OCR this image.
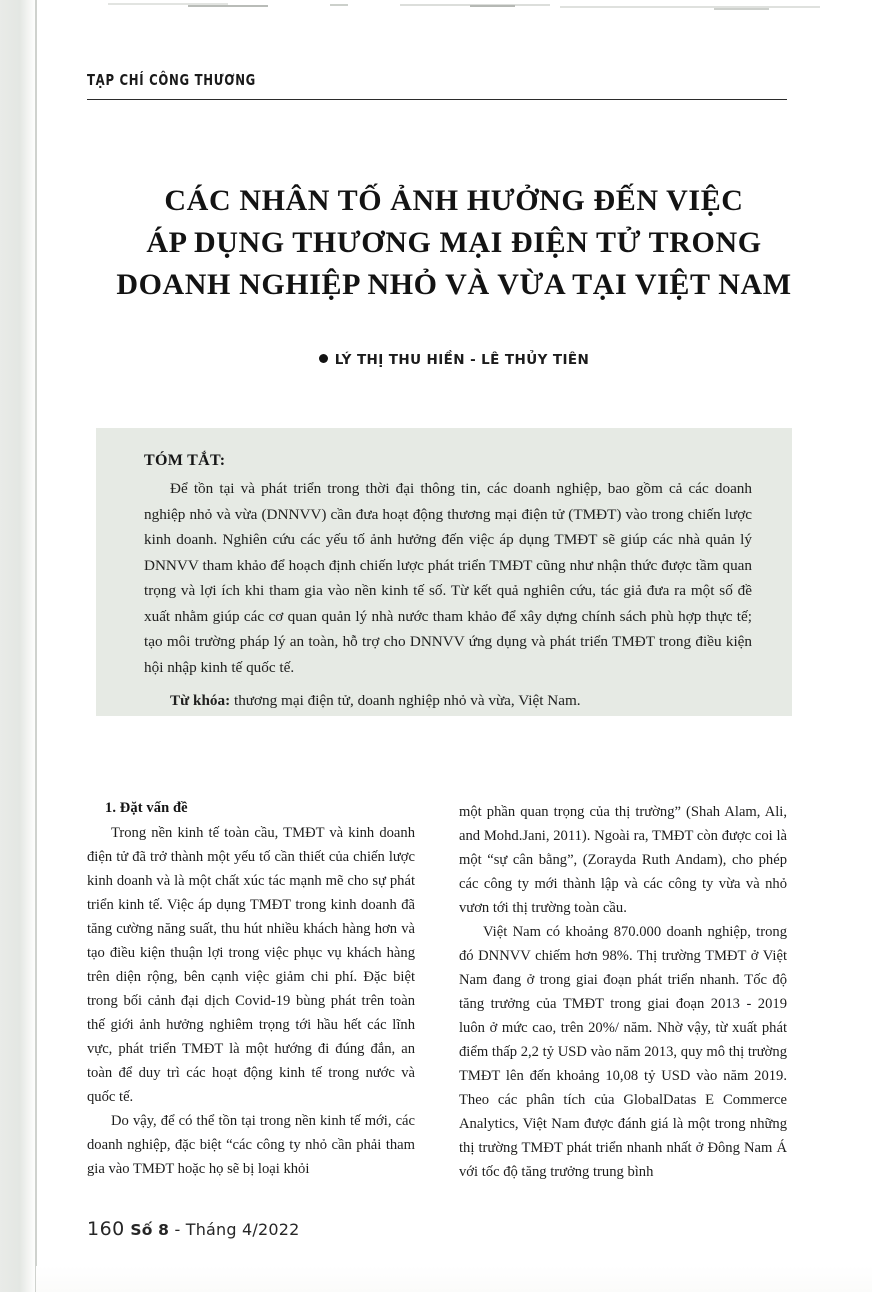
TẠP CHÍ CÔNG THƯƠNG
CÁC NHÂN TỐ ẢNH HƯỞNG ĐẾN VIỆC
ÁP DỤNG THƯƠNG MẠI ĐIỆN TỬ TRONG
DOANH NGHIỆP NHỎ VÀ VỪA TẠI VIỆT NAM
LÝ THỊ THU HIỀN - LÊ THỦY TIÊN
TÓM TẮT:

Để tồn tại và phát triển trong thời đại thông tin, các doanh nghiệp, bao gồm cả các doanh nghiệp nhỏ và vừa (DNNVV) cần đưa hoạt động thương mại điện tử (TMĐT) vào trong chiến lược kinh doanh. Nghiên cứu các yếu tố ảnh hưởng đến việc áp dụng TMĐT sẽ giúp các nhà quản lý DNNVV tham khảo để hoạch định chiến lược phát triển TMĐT cũng như nhận thức được tầm quan trọng và lợi ích khi tham gia vào nền kinh tế số. Từ kết quả nghiên cứu, tác giả đưa ra một số đề xuất nhằm giúp các cơ quan quản lý nhà nước tham khảo để xây dựng chính sách phù hợp thực tế; tạo môi trường pháp lý an toàn, hỗ trợ cho DNNVV ứng dụng và phát triển TMĐT trong điều kiện hội nhập kinh tế quốc tế.

Từ khóa: thương mại điện tử, doanh nghiệp nhỏ và vừa, Việt Nam.

1. Đặt vấn đề

Trong nền kinh tế toàn cầu, TMĐT và kinh doanh điện tử đã trở thành một yếu tố cần thiết của chiến lược kinh doanh và là một chất xúc tác mạnh mẽ cho sự phát triển kinh tế. Việc áp dụng TMĐT trong kinh doanh đã tăng cường năng suất, thu hút nhiều khách hàng hơn và tạo điều kiện thuận lợi trong việc phục vụ khách hàng trên diện rộng, bên cạnh việc giảm chi phí. Đặc biệt trong bối cảnh đại dịch Covid-19 bùng phát trên toàn thế giới ảnh hưởng nghiêm trọng tới hầu hết các lĩnh vực, phát triển TMĐT là một hướng đi đúng đắn, an toàn để duy trì các hoạt động kinh tế trong nước và quốc tế.

Do vậy, để có thể tồn tại trong nền kinh tế mới, các doanh nghiệp, đặc biệt “các công ty nhỏ cần phải tham gia vào TMĐT hoặc họ sẽ bị loại khỏi

một phần quan trọng của thị trường” (Shah Alam, Ali, and Mohd.Jani, 2011). Ngoài ra, TMĐT còn được coi là một “sự cân bằng”, (Zorayda Ruth Andam), cho phép các công ty mới thành lập và các công ty vừa và nhỏ vươn tới thị trường toàn cầu.

Việt Nam có khoảng 870.000 doanh nghiệp, trong đó DNNVV chiếm hơn 98%. Thị trường TMĐT ở Việt Nam đang ở trong giai đoạn phát triển nhanh. Tốc độ tăng trưởng của TMĐT trong giai đoạn 2013 - 2019 luôn ở mức cao, trên 20%/ năm. Nhờ vậy, từ xuất phát điểm thấp 2,2 tỷ USD vào năm 2013, quy mô thị trường TMĐT lên đến khoảng 10,08 tỷ USD vào năm 2019. Theo các phân tích của GlobalDatas E Commerce Analytics, Việt Nam được đánh giá là một trong những thị trường TMĐT phát triển nhanh nhất ở Đông Nam Á với tốc độ tăng trưởng trung bình

160 Số 8 - Tháng 4/2022
